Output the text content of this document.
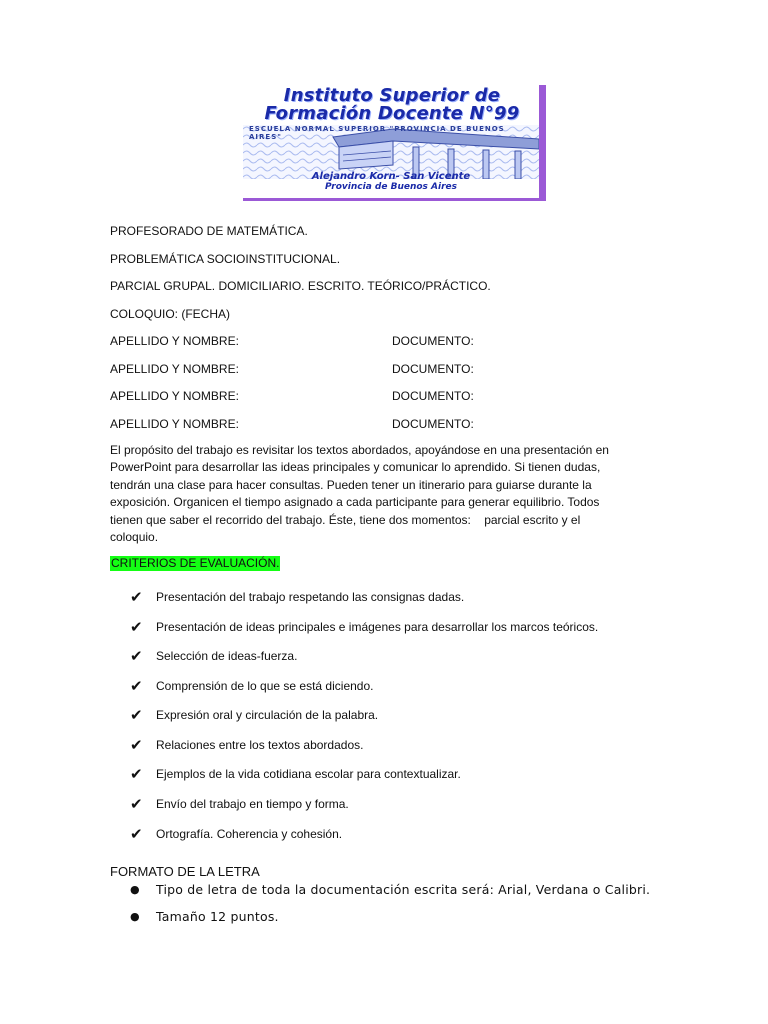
Instituto Superior de
Formación Docente N°99
ESCUELA NORMAL SUPERIOR "PROVINCIA DE BUENOS AIRES"
Alejandro Korn- San Vicente
Provincia de Buenos Aires
PROFESORADO DE MATEMÁTICA.
PROBLEMÁTICA SOCIOINSTITUCIONAL.
PARCIAL GRUPAL. DOMICILIARIO. ESCRITO. TEÓRICO/PRÁCTICO.
COLOQUIO: (FECHA)
APELLIDO Y NOMBRE:	DOCUMENTO:
APELLIDO Y NOMBRE:	DOCUMENTO:
APELLIDO Y NOMBRE:	DOCUMENTO:
APELLIDO Y NOMBRE:	DOCUMENTO:
El propósito del trabajo es revisitar los textos abordados, apoyándose en una presentación en
PowerPoint para desarrollar las ideas principales y comunicar lo aprendido. Si tienen dudas,
tendrán una clase para hacer consultas. Pueden tener un itinerario para guiarse durante la
exposición. Organicen el tiempo asignado a cada participante para generar equilibrio. Todos
tienen que saber el recorrido del trabajo. Éste, tiene dos momentos:    parcial escrito y el
coloquio.
CRITERIOS DE EVALUACIÓN.
✔ Presentación del trabajo respetando las consignas dadas.
✔ Presentación de ideas principales e imágenes para desarrollar los marcos teóricos.
✔ Selección de ideas-fuerza.
✔ Comprensión de lo que se está diciendo.
✔ Expresión oral y circulación de la palabra.
✔ Relaciones entre los textos abordados.
✔ Ejemplos de la vida cotidiana escolar para contextualizar.
✔ Envío del trabajo en tiempo y forma.
✔ Ortografía. Coherencia y cohesión.
FORMATO DE LA LETRA
● Tipo de letra de toda la documentación escrita será: Arial, Verdana o Calibri.
● Tamaño 12 puntos.
